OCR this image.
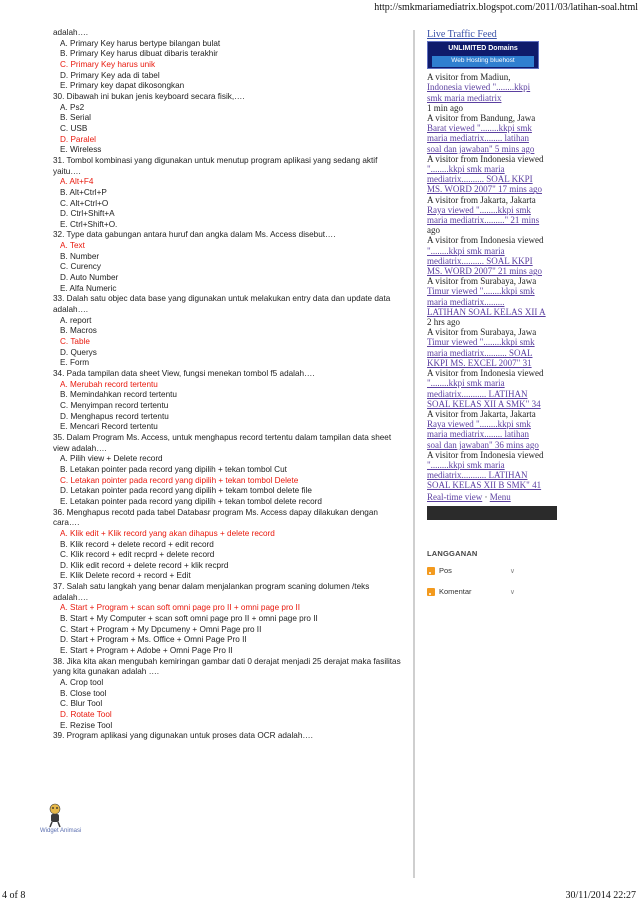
http://smkmariamediatrix.blogspot.com/2011/03/latihan-soal.html
adalah….
A. Primary Key harus bertype bilangan bulat
B. Primary Key harus dibuat dibaris terakhir
C. Primary Key harus unik
D. Primary Key ada di tabel
E. Primary key dapat dikosongkan
30. Dibawah ini bukan jenis keyboard secara fisik,….
A. Ps2
B. Serial
C. USB
D. Paralel
E. Wireless
31. Tombol kombinasi yang digunakan untuk menutup program aplikasi yang sedang aktif yaitu….
A. Alt+F4
B. Alt+Ctrl+P
C. Alt+Ctrl+O
D. Ctrl+Shift+A
E. Ctrl+Shift+O.
32. Type data gabungan antara huruf dan angka dalam Ms. Access disebut….
A. Text
B. Number
C. Curency
D. Auto Number
E. Alfa Numeric
33. Dalah satu objec data base yang digunakan untuk melakukan entry data dan update data adalah….
A. report
B. Macros
C. Table
D. Querys
E. Form
34. Pada tampilan data sheet View, fungsi menekan tombol f5 adalah….
A. Merubah record tertentu
B. Memindahkan record tertentu
C. Menyimpan record tertentu
D. Menghapus record tertentu
E. Mencari Record tertentu
35. Dalam Program Ms. Access, untuk menghapus record tertentu dalam tampilan data sheet view adalah….
A. Pilih view + Delete record
B. Letakan pointer pada record yang dipilih + tekan tombol Cut
C. Letakan pointer pada record yang dipilih + tekan tombol Delete
D. Letakan pointer pada record yang dipilih + tekam tombol delete file
E. Letakan pointer pada record yang dipilih + tekan tombol delete record
36. Menghapus recotd pada tabel Databasr program Ms. Access dapay dilakukan dengan cara….
A. Klik edit + Klik record yang akan dihapus + delete record
B. Klik record + delete record + edit record
C. Klik record + edit recprd + delete record
D. Klik edit record + delete record + klik recprd
E. Klik Delete record + record + Edit
37. Salah satu langkah yang benar dalam menjalankan program scaning dolumen /teks adalah….
A. Start + Program + scan soft omni page pro II + omni page pro II
B. Start + My Computer + scan soft omni page pro II + omni page pro II
C. Start + Program + My Dpcumeny + Omni Page pro II
D. Start + Program + Ms. Office + Omni Page Pro II
E. Start + Program + Adobe + Omni Page Pro II
38. Jika kita akan mengubah kemiringan gambar dati 0 derajat menjadi 25 derajat maka fasilitas yang kita gunakan adalah ….
A. Crop tool
B. Close tool
C. Blur Tool
D. Rotate Tool
E. Rezise Tool
39. Program aplikasi yang digunakan untuk proses data OCR adalah….
Live Traffic Feed
UNLIMITED Domains
Web Hosting bluehost
A visitor from Madiun,
Indonesia viewed "........kkpi
smk maria mediatrix
1 min ago
A visitor from Bandung, Jawa
Barat viewed "........kkpi smk
maria mediatrix........ latihan
soal dan jawaban" 5 mins ago
A visitor from Indonesia viewed
"........kkpi smk maria
mediatrix.......... SOAL KKPI
MS. WORD 2007" 17 mins ago
A visitor from Jakarta, Jakarta
Raya viewed "........kkpi smk
maria mediatrix........." 21 mins
ago
A visitor from Indonesia viewed
"........kkpi smk maria
mediatrix.......... SOAL KKPI
MS. WORD 2007" 21 mins ago
A visitor from Surabaya, Jawa
Timur viewed "........kkpi smk
maria mediatrix.........
LATIHAN SOAL KELAS XII A
2 hrs ago
A visitor from Surabaya, Jawa
Timur viewed "........kkpi smk
maria mediatrix.......... SOAL
KKPI MS. EXCEL 2007" 31
A visitor from Indonesia viewed
"........kkpi smk maria
mediatrix........... LATIHAN
SOAL KELAS XII A SMK" 34
A visitor from Jakarta, Jakarta
Raya viewed "........kkpi smk
maria mediatrix........ latihan
soal dan jawaban" 36 mins ago
A visitor from Indonesia viewed
"........kkpi smk maria
mediatrix........... LATIHAN
SOAL KELAS XII B SMK" 41
Real-time view · Menu
LANGGANAN
Pos	∨
Komentar	∨
Widget Animasi
4 of 8	30/11/2014 22:27
